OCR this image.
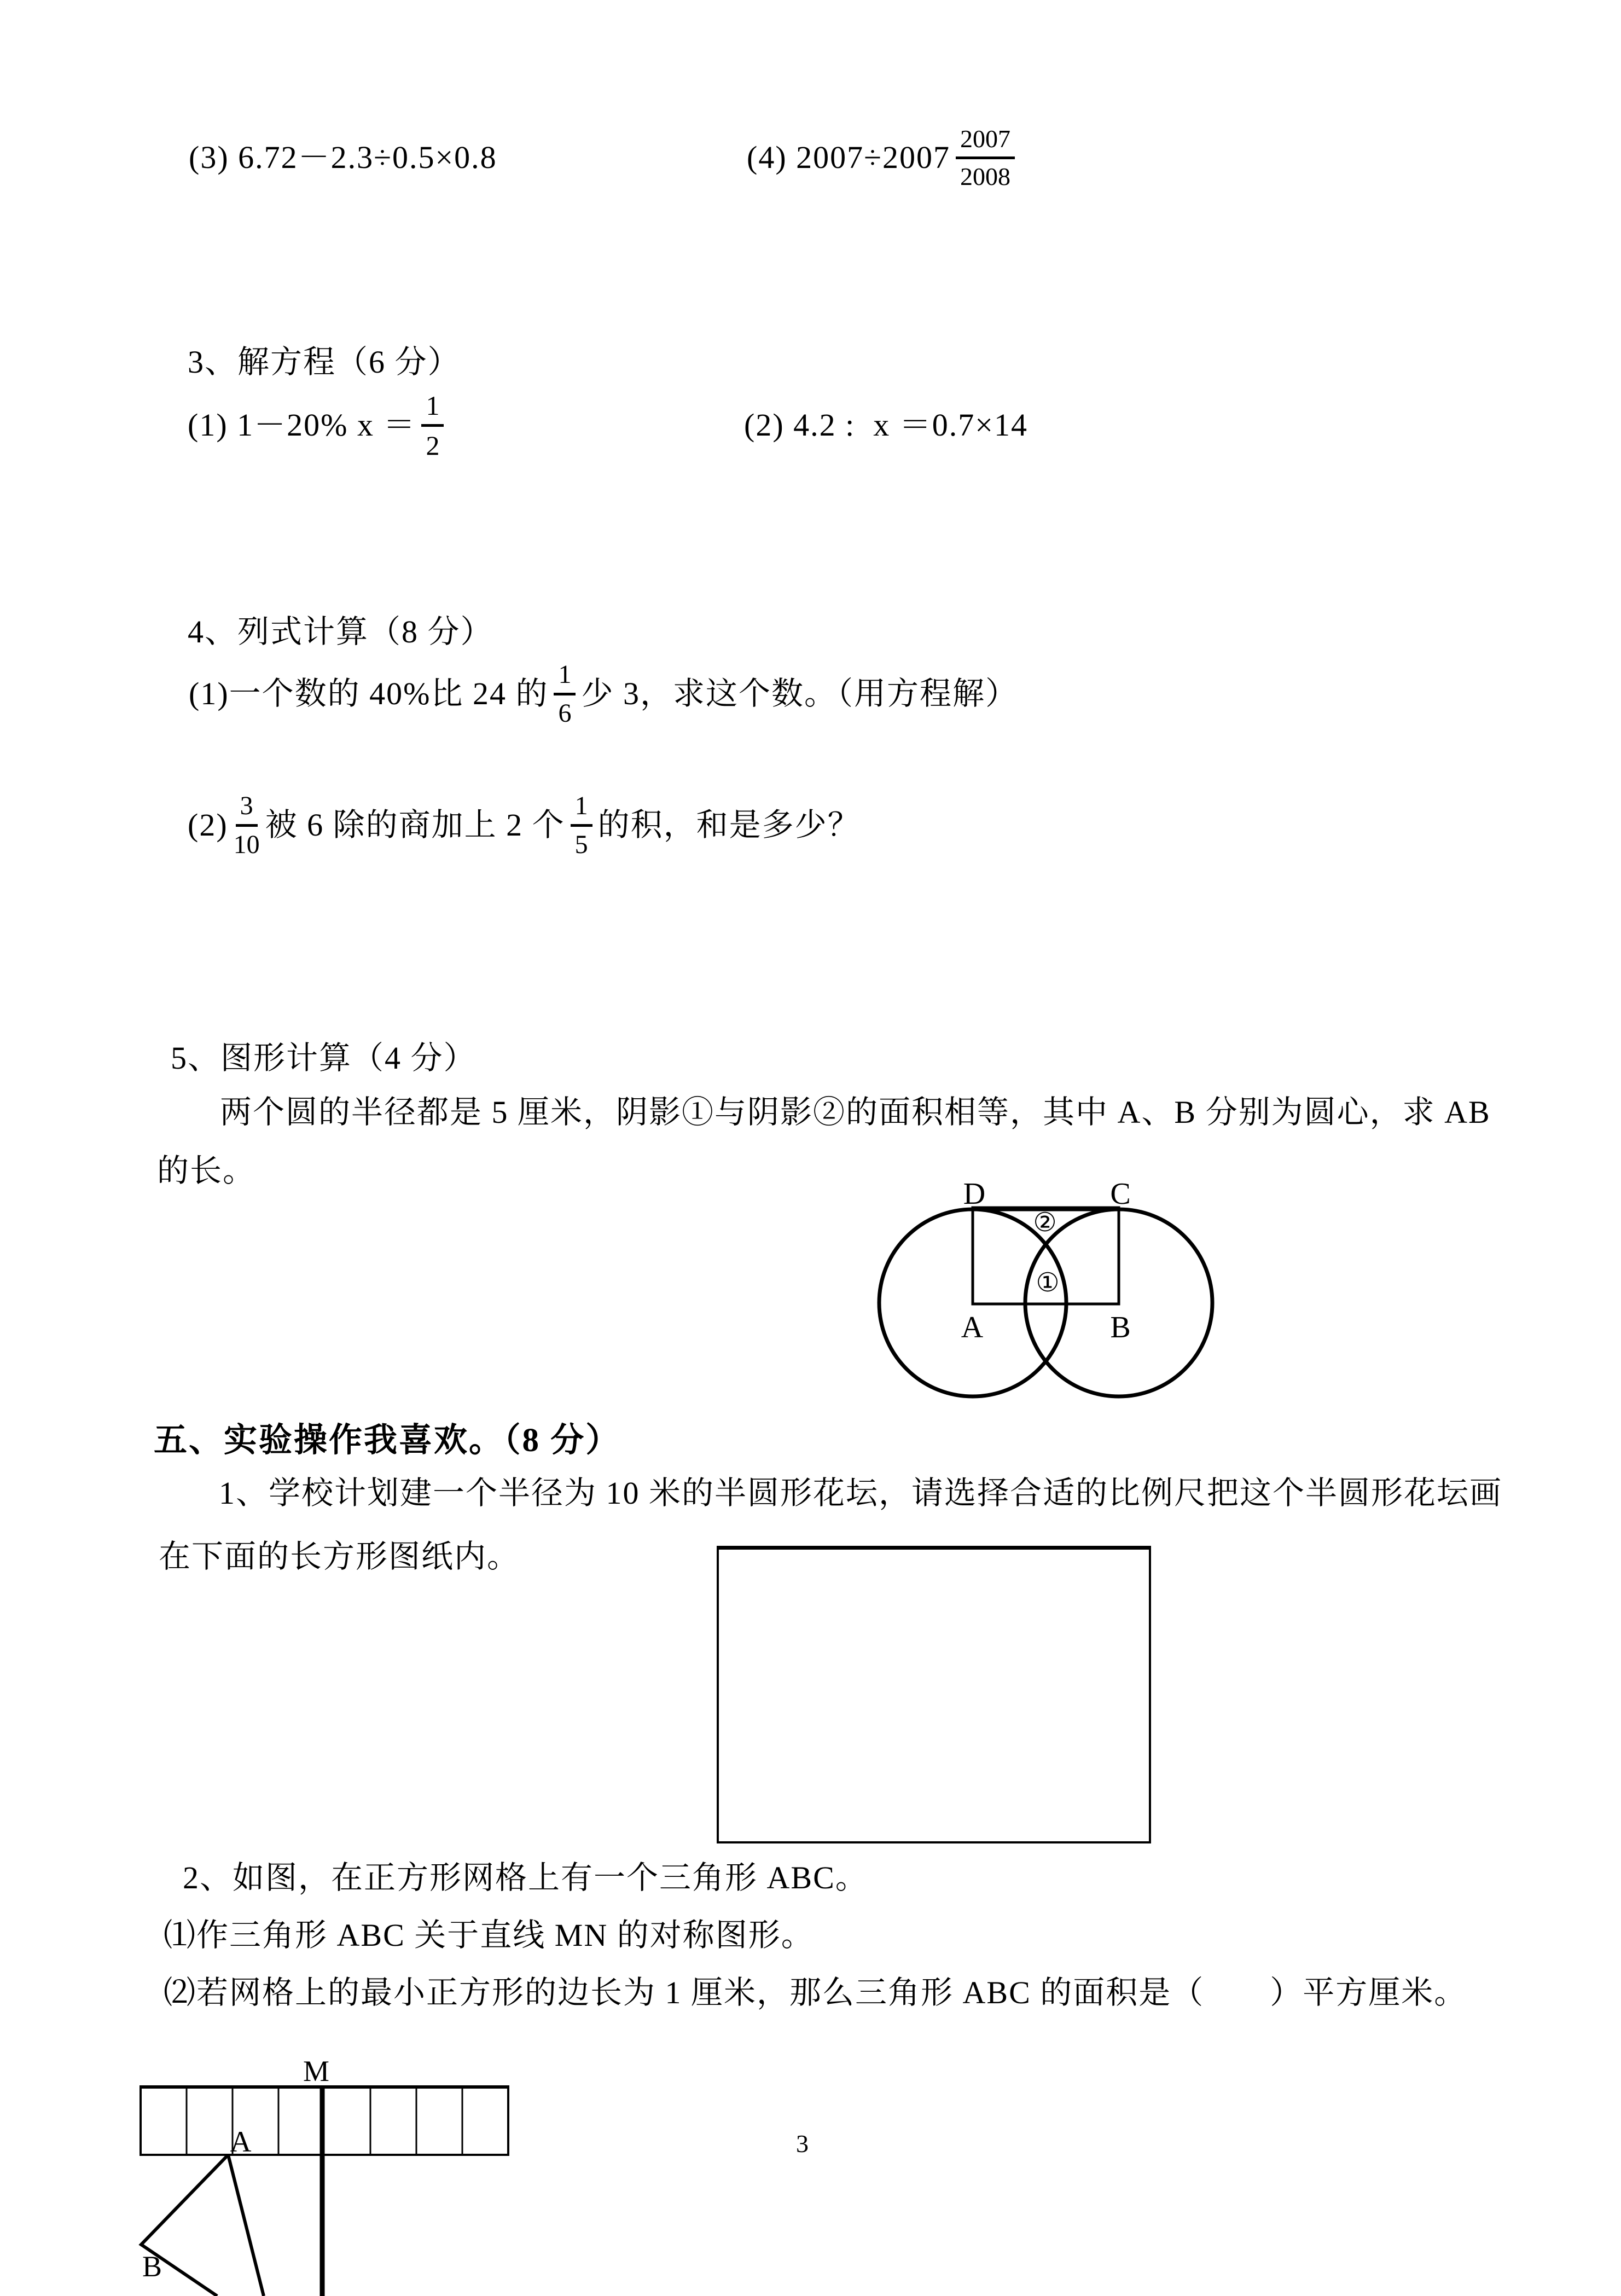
(3) 6.72－2.3÷0.5×0.8	(4) $2007\div 2007 \frac{2007}{2008}$
3、解方程（6 分）
(1) 1－20% $x = \frac{1}{2}$	(2) 4.2 :  x ＝0.7×14
4、列式计算（8 分）
(1)一个数的 40%比 24 的 $\frac{1}{6}$ 少 3，求这个数。（用方程解）
$(2) \frac{3}{10}$ 被 6 除的商加上 2 个 $\frac{1}{5}$ 的积，和是多少？
5、图形计算（4 分）
两个圆的半径都是 5 厘米，阴影①与阴影②的面积相等，其中 A、B 分别为圆心，求 AB
的长。
D	C
A	B
②
①
五、实验操作我喜欢。（8 分）
1、学校计划建一个半径为 10 米的半圆形花坛，请选择合适的比例尺把这个半圆形花坛画
在下面的长方形图纸内。
2、如图，在正方形网格上有一个三角形 ABC。
⑴作三角形 ABC 关于直线 MN 的对称图形。
⑵若网格上的最小正方形的边长为 1 厘米，那么三角形 ABC 的面积是（　　）平方厘米。
M
A
B
3
